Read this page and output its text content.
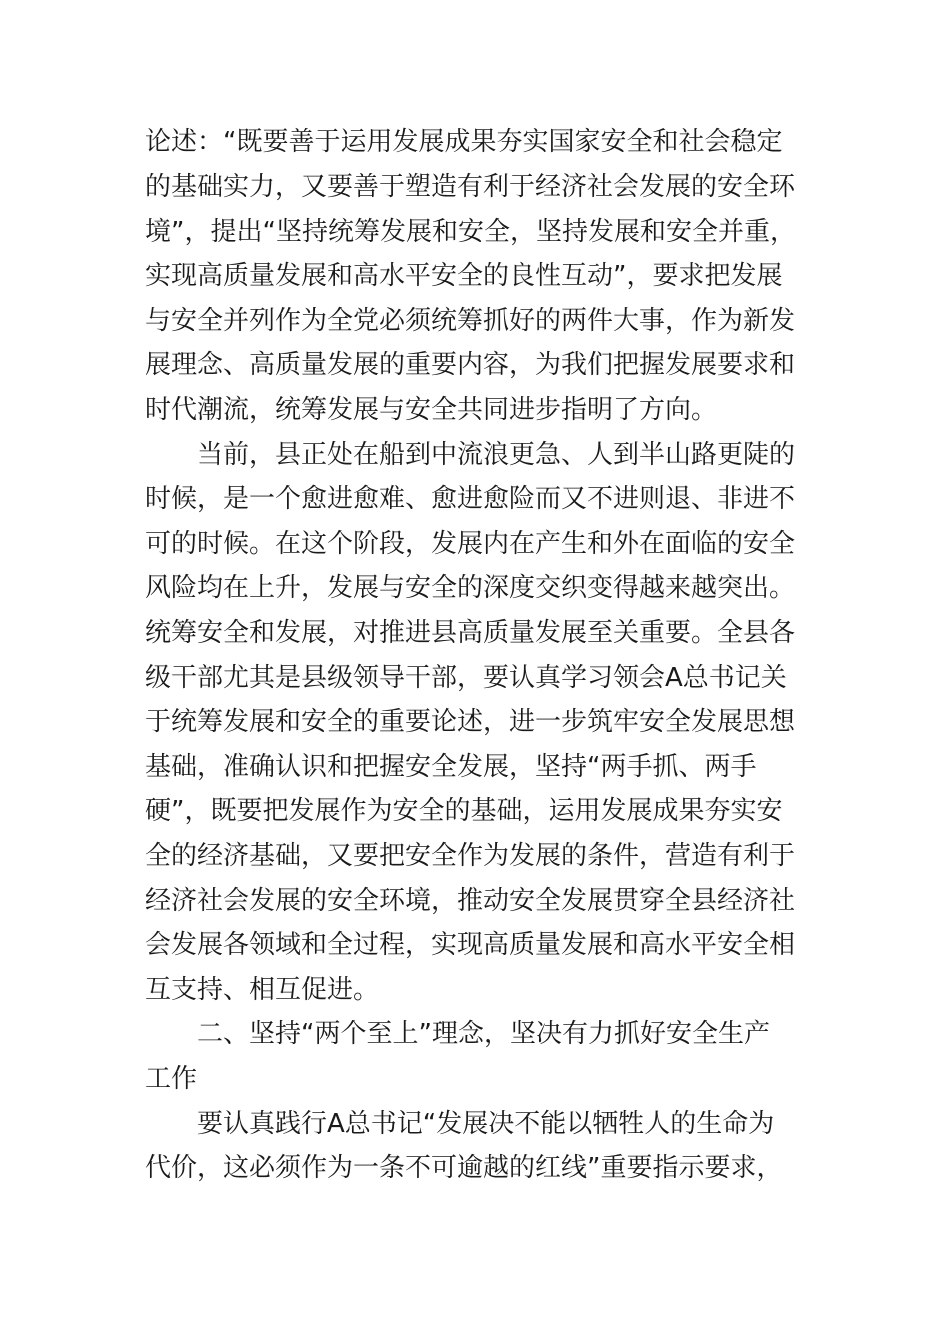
论述：“既要善于运用发展成果夯实国家安全和社会稳定
的基础实力，又要善于塑造有利于经济社会发展的安全环
境”，提出“坚持统筹发展和安全，坚持发展和安全并重，
实现高质量发展和高水平安全的良性互动”，要求把发展
与安全并列作为全党必须统筹抓好的两件大事，作为新发
展理念、高质量发展的重要内容，为我们把握发展要求和
时代潮流，统筹发展与安全共同进步指明了方向。
当前，县正处在船到中流浪更急、人到半山路更陡的
时候，是一个愈进愈难、愈进愈险而又不进则退、非进不
可的时候。在这个阶段，发展内在产生和外在面临的安全
风险均在上升，发展与安全的深度交织变得越来越突出。
统筹安全和发展，对推进县高质量发展至关重要。全县各
级干部尤其是县级领导干部，要认真学习领会A总书记关
于统筹发展和安全的重要论述，进一步筑牢安全发展思想
基础，准确认识和把握安全发展，坚持“两手抓、两手
硬”，既要把发展作为安全的基础，运用发展成果夯实安
全的经济基础，又要把安全作为发展的条件，营造有利于
经济社会发展的安全环境，推动安全发展贯穿全县经济社
会发展各领域和全过程，实现高质量发展和高水平安全相
互支持、相互促进。
二、坚持“两个至上”理念，坚决有力抓好安全生产
工作
要认真践行A总书记“发展决不能以牺牲人的生命为
代价，这必须作为一条不可逾越的红线”重要指示要求，
